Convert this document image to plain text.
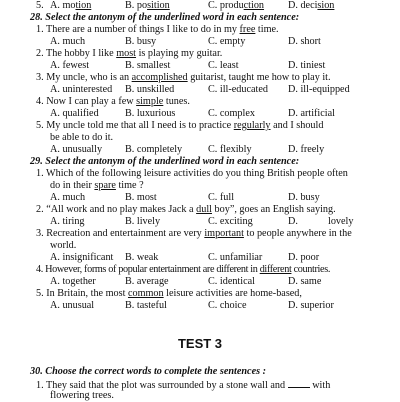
5. A. motion	B. position	C. production D. decision
28. Select the antonym of the underlined word in each sentence:
1. There are a number of things I like to do in my free time.
A. much	B. busy	C. empty	D. short
2. The hobby I like most is playing my guitar.
A. fewest	B. smallest	C. least	D. tiniest
3. My uncle, who is an accomplished guitarist, taught me how to play it.
A. uninterested B. unskilled	C. ill-educated D. ill-equipped
4. Now I can play a few simple tunes.
A. qualified	B. luxurious	C. complex	D. artificial
5. My uncle told me that all I need is to practice regularly and I should
be able to do it.
A. unusually B. completely	C. flexibly	D. freely
29. Select the antonym of the underlined word in each sentence:
1. Which of the following leisure activities do you thing British people often
do in their spare time ?
A. much	B. most	C. full	D. busy
2. “All work and no play makes Jack a dull boy”, goes an English saying.
A. tiring	B. lively	C. exciting	D.	lovely
3. Recreation and entertainment are very important to people anywhere in the
world.
A. insignificant B. weak	C. unfamiliar	D. poor
4. However, forms of popular entertainment are different in different countries.
A. together	B. average	C. identical	D. same
5. In Britain, the most common leisure activities are home-based,
A. unusual	B. tasteful	C. choice	D. superior
TEST 3
30. Choose the correct words to complete the sentences :
1. They said that the plot was surrounded by a stone wall and  with
flowering trees.
